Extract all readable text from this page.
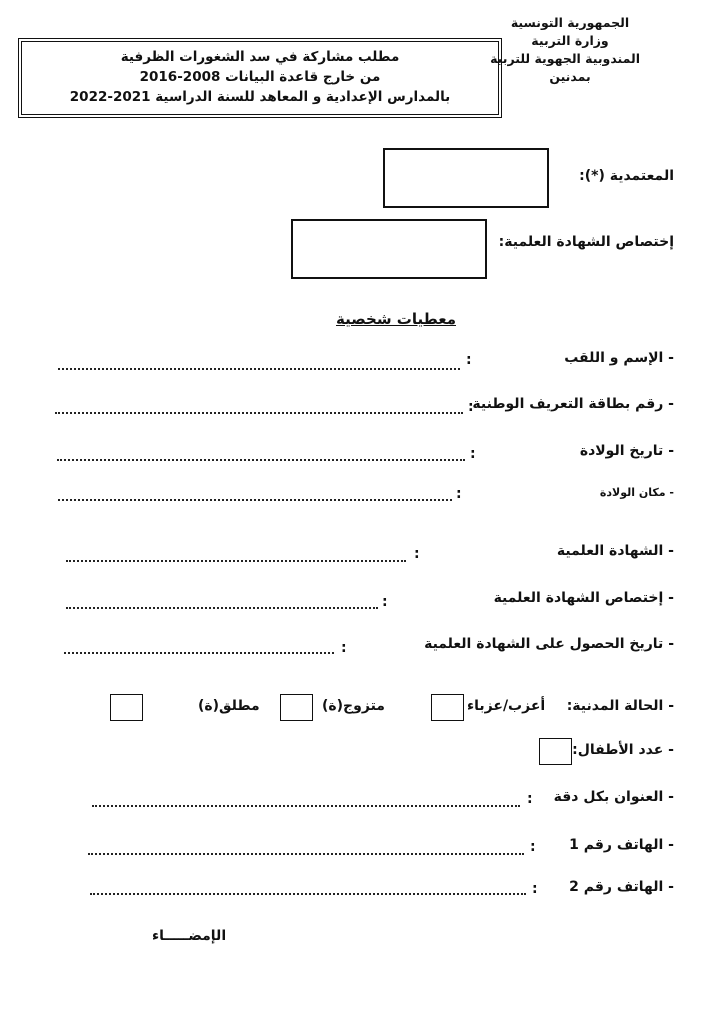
الجمهورية التونسية
وزارة التربية
المندوبية الجهوية للتربية
بمدنين
مطلب مشاركة في سد الشغورات الظرفية
من خارج قاعدة البيانات 2008-2016
بالمدارس الإعدادية و المعاهد للسنة الدراسية 2021-2022
المعتمدية (*):
إختصاص الشهادة العلمية:
معطيات شخصية
- الإسم و اللقب
:
- رقم بطاقة التعريف الوطنية
:
- تاريخ الولادة
:
- مكان الولادة
:
- الشهادة العلمية
:
- إختصاص الشهادة العلمية
:
- تاريخ الحصول على الشهادة العلمية
:
- الحالة المدنية:
أعزب/عزباء
متزوج(ة)
مطلق(ة)
- عدد الأطفال:
- العنوان بكل دقة
:
- الهاتف رقم 1
:
- الهاتف رقم 2
:
الإمضـــــاء
